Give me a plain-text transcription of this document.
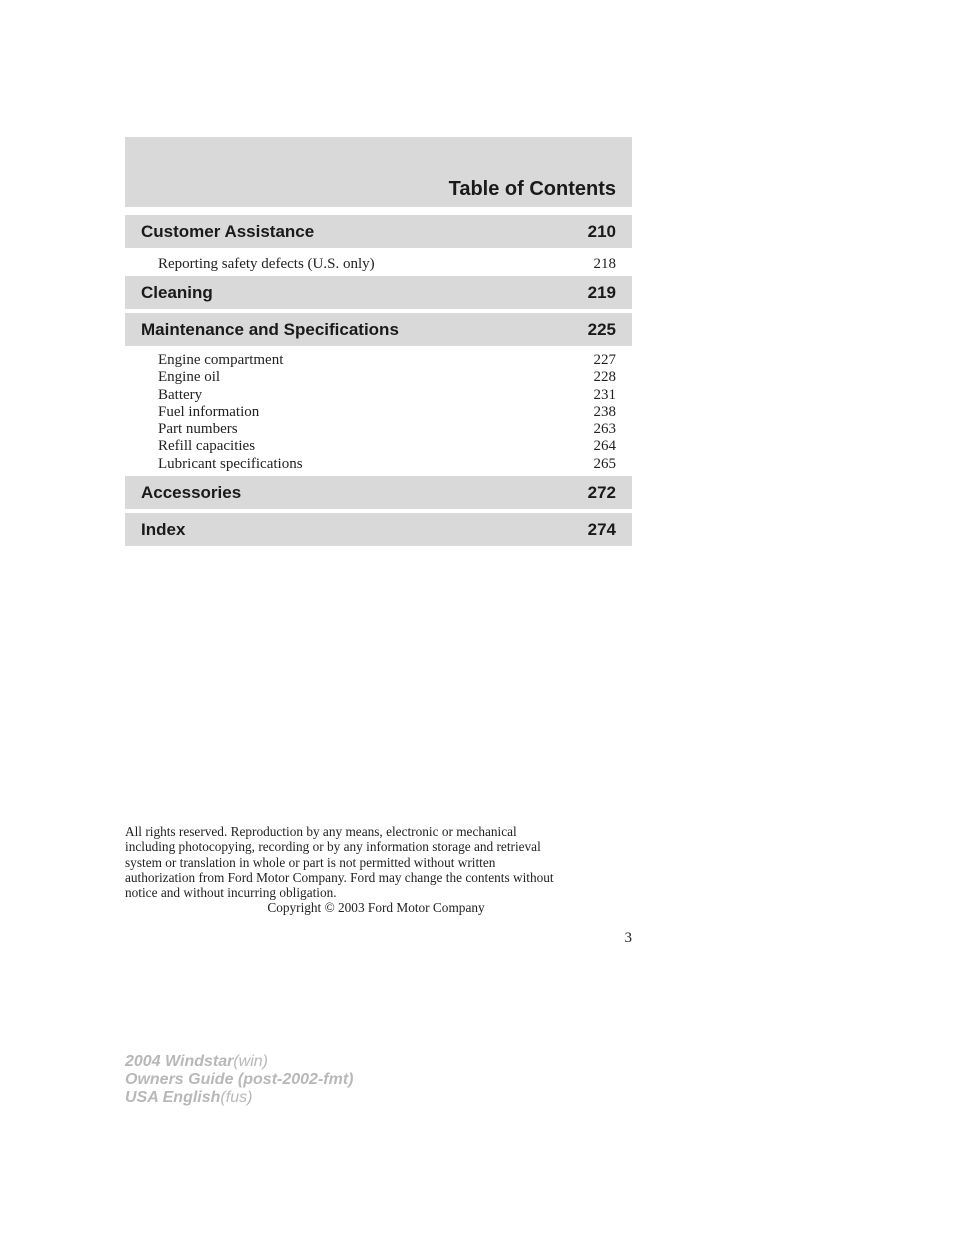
Table of Contents
Customer Assistance	210
Reporting safety defects (U.S. only)	218
Cleaning	219
Maintenance and Specifications	225
Engine compartment	227
Engine oil	228
Battery	231
Fuel information	238
Part numbers	263
Refill capacities	264
Lubricant specifications	265
Accessories	272
Index	274
All rights reserved. Reproduction by any means, electronic or mechanical
including photocopying, recording or by any information storage and retrieval
system or translation in whole or part is not permitted without written
authorization from Ford Motor Company. Ford may change the contents without
notice and without incurring obligation.
Copyright © 2003 Ford Motor Company
3
2004 Windstar(win)
Owners Guide (post-2002-fmt)
USA English(fus)
